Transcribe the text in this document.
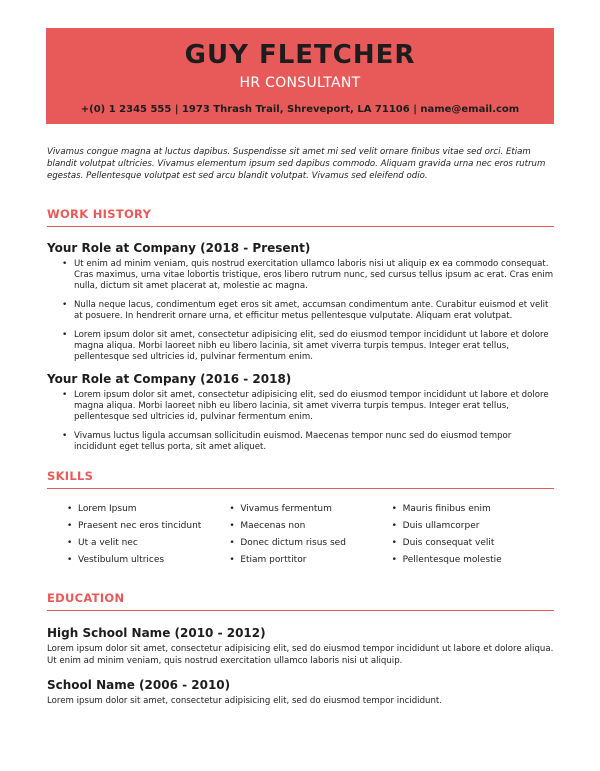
GUY FLETCHER
HR CONSULTANT
+(0) 1 2345 555 | 1973 Thrash Trail, Shreveport, LA 71106 | name@email.com

Vivamus congue magna at luctus dapibus. Suspendisse sit amet mi sed velit ornare finibus vitae sed orci. Etiam blandit volutpat ultricies. Vivamus elementum ipsum sed dapibus commodo. Aliquam gravida urna nec eros rutrum egestas. Pellentesque volutpat est sed arcu blandit volutpat. Vivamus sed eleifend odio.

WORK HISTORY
Your Role at Company (2018 - Present)
• Ut enim ad minim veniam, quis nostrud exercitation ullamco laboris nisi ut aliquip ex ea commodo consequat. Cras maximus, urna vitae lobortis tristique, eros libero rutrum nunc, sed cursus tellus ipsum ac erat. Cras enim nulla, dictum sit amet placerat at, molestie ac magna.
• Nulla neque lacus, condimentum eget eros sit amet, accumsan condimentum ante. Curabitur euismod et velit at posuere. In hendrerit ornare urna, et efficitur metus pellentesque vulputate. Aliquam erat volutpat.
• Lorem ipsum dolor sit amet, consectetur adipisicing elit, sed do eiusmod tempor incididunt ut labore et dolore magna aliqua. Morbi laoreet nibh eu libero lacinia, sit amet viverra turpis tempus. Integer erat tellus, pellentesque sed ultricies id, pulvinar fermentum enim.
Your Role at Company (2016 - 2018)
• Lorem ipsum dolor sit amet, consectetur adipisicing elit, sed do eiusmod tempor incididunt ut labore et dolore magna aliqua. Morbi laoreet nibh eu libero lacinia, sit amet viverra turpis tempus. Integer erat tellus, pellentesque sed ultricies id, pulvinar fermentum enim.
• Vivamus luctus ligula accumsan sollicitudin euismod. Maecenas tempor nunc sed do eiusmod tempor incididunt eget tellus porta, sit amet aliquet.
SKILLS
• Lorem Ipsum
• Praesent nec eros tincidunt
• Ut a velit nec
• Vestibulum ultrices
• Vivamus fermentum
• Maecenas non
• Donec dictum risus sed
• Etiam porttitor
• Mauris finibus enim
• Duis ullamcorper
• Duis consequat velit
• Pellentesque molestie
EDUCATION
High School Name (2010 - 2012)

Lorem ipsum dolor sit amet, consectetur adipisicing elit, sed do eiusmod tempor incididunt ut labore et dolore aliqua. Ut enim ad minim veniam, quis nostrud exercitation ullamco laboris nisi ut aliquip.

School Name (2006 - 2010)

Lorem ipsum dolor sit amet, consectetur adipisicing elit, sed do eiusmod tempor incididunt.
